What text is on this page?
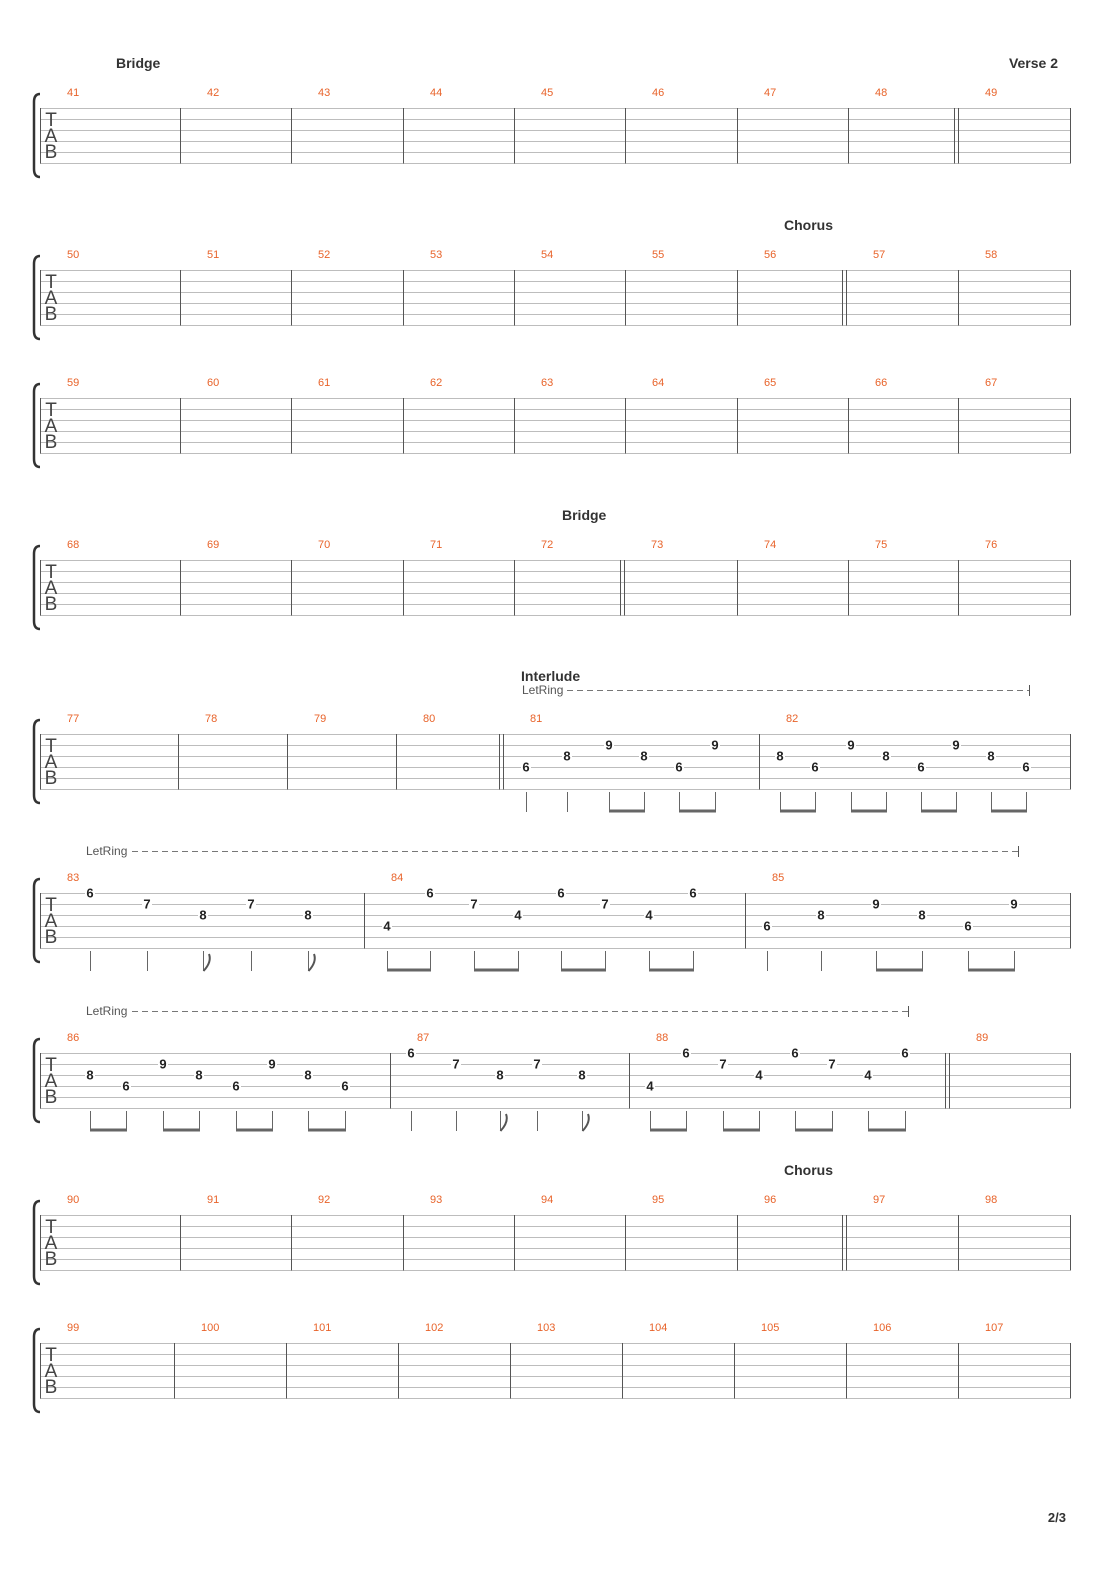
T
A
B
41	42	43	44	45	46	47	48	49
Bridge	Verse 2
T
A
B
50	51	52	53	54	55	56	57	58
Chorus
T
A
B
59	60	61	62	63	64	65	66	67
T
A
B
68	69	70	71	72	73	74	75	76
Bridge
T
A
B
77	78	79	80	81
6
8
9
8
6
9
82
8
6
9
8
6
9
8
6
Interlude
LetRing
T
A
B
83
6
7
8
7
8
84
4
6
7
4
6
7
4
6
85
6
8
9
8
6
9
LetRing
T
A
B
86
8
6
9
8
6
9
8
6
87
6
7
8
7
8
88
4
6
7
4
6
7
4
6
89
LetRing
T
A
B
90	91	92	93	94	95	96	97	98
Chorus
T
A
B
99	100	101	102	103	104	105	106	107
2/3
